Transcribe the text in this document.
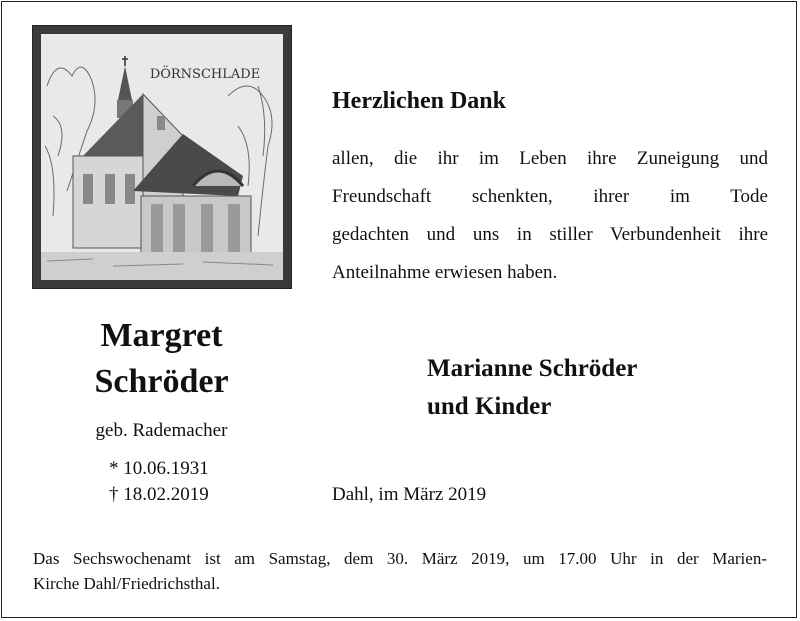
DÖRNSCHLADE
Margret
Schröder
geb. Rademacher
* 10.06.1931
† 18.02.2019
Herzlichen Dank
allen, die ihr im Leben ihre Zuneigung und
Freundschaft schenkten, ihrer im Tode
gedachten und uns in stiller Verbundenheit ihre
Anteilnahme erwiesen haben.
Marianne Schröder
und Kinder
Dahl, im März 2019
Das Sechswochenamt ist am Samstag, dem 30. März 2019, um 17.00 Uhr in der Marien-
Kirche Dahl/Friedrichsthal.
